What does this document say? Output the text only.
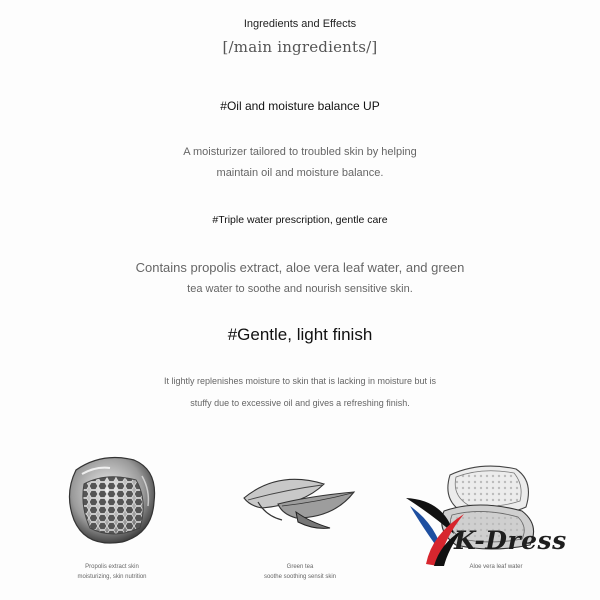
Ingredients and Effects
[/main ingredients/]
#Oil and moisture balance UP
A moisturizer tailored to troubled skin by helping
maintain oil and moisture balance.
#Triple water prescription, gentle care
Contains propolis extract, aloe vera leaf water, and green
tea water to soothe and nourish sensitive skin.
#Gentle, light finish
It lightly replenishes moisture to skin that is lacking in moisture but is
stuffy due to excessive oil and gives a refreshing finish.
Propolis extract skin
moisturizing, skin nutrition
Green tea
soothe soothing sensit skin
Aloe vera leaf water
K-Dress
